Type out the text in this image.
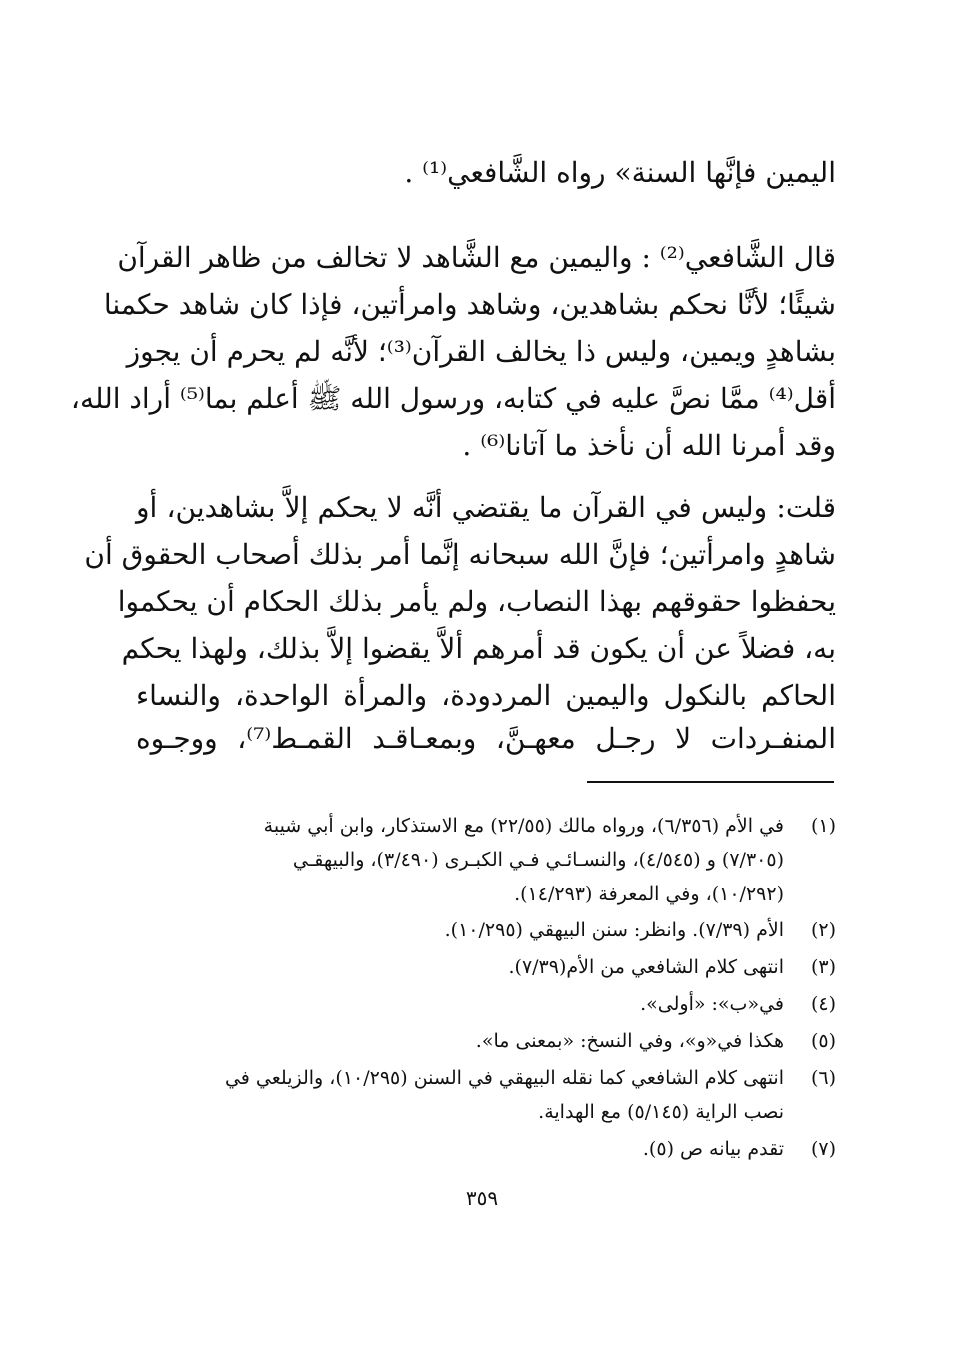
اليمين فإنَّها السنة» رواه الشَّافعي⁽¹⁾ .
قال الشَّافعي⁽²⁾ : واليمين مع الشَّاهد لا تخالف من ظاهر القرآن
شيئًا؛ لأنَّا نحكم بشاهدين، وشاهد وامرأتين، فإذا كان شاهد حكمنا
بشاهدٍ ويمين، وليس ذا يخالف القرآن⁽³⁾؛ لأنَّه لم يحرم أن يجوز
أقل⁽⁴⁾ ممَّا نصَّ عليه في كتابه، ورسول الله ﷺ أعلم بما⁽⁵⁾ أراد الله،
وقد أمرنا الله أن نأخذ ما آتانا⁽⁶⁾ .
قلت: وليس في القرآن ما يقتضي أنَّه لا يحكم إلاَّ بشاهدين، أو
شاهدٍ وامرأتين؛ فإنَّ الله سبحانه إنَّما أمر بذلك أصحاب الحقوق أن
يحفظوا حقوقهم بهذا النصاب، ولم يأمر بذلك الحكام أن يحكموا
به، فضلاً عن أن يكون قد أمرهم ألاَّ يقضوا إلاَّ بذلك، ولهذا يحكم
الحاكم بالنكول واليمين المردودة، والمرأة الواحدة، والنساء
المنفـردات لا رجـل معهـنَّ، وبمعـاقـد القمـط⁽⁷⁾، ووجـوه
(١)في الأم (٦/٣٥٦)، ورواه مالك (٢٢/٥٥) مع الاستذكار، وابن أبي شيبة
(٧/٣٠٥) و (٤/٥٤٥)، والنسـائـي فـي الكبـرى (٣/٤٩٠)، والبيهقـي
(١٠/٢٩٢)، وفي المعرفة (١٤/٢٩٣).
(٢)الأم (٧/٣٩). وانظر: سنن البيهقي (١٠/٢٩٥).
(٣)انتهى كلام الشافعي من الأم(٧/٣٩).
(٤)في«ب»: «أولى».
(٥)هكذا في«و»، وفي النسخ: «بمعنى ما».
(٦)انتهى كلام الشافعي كما نقله البيهقي في السنن (١٠/٢٩٥)، والزيلعي في
نصب الراية (٥/١٤٥) مع الهداية.
(٧)تقدم بيانه ص (٥).
٣٥٩
